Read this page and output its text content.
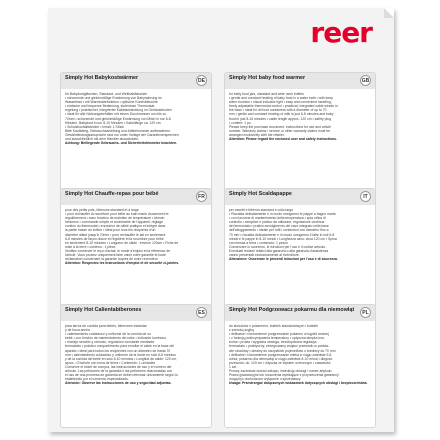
reer
Simply Hot Babykostwärmer	DE
für Babykostgläschen, Standard- und Weithalsflaschen
• schonende und gleichmäßige Erwärmung von Babynahrung im
Wasserbad • mit Warmhaltefunktion • optische Kontrollleuchte
• einfache und bequeme Bedienung, stufenlose Thermostat-
regelung • praktischer, integrierter Kabelaufwicklung im Gehäuseboden
• ideal für alle Nahrungsbehälter mit einem Durchmesser von bis zu
70mm • schonende und gleichmäßige Erwärmung von Milch in nur 6-8
Minuten, Babykost in nur 8-10 Minuten • Kabellänge ca. 120 cm
• Schutzkontaktstecker • Inhalt: 1 Stück
Bitte Kaufbeleg, Gebrauchsanleitung und Artikelnummer aufbewahren.
Gewährleistungsansprüche sind nur unter Vorlage der Garantieversprechen
und ausschließlich mit dem Händler abzuwickeln.
Achtung: Beiliegende Gebrauchs- und Sicherheitshinweise beachten.
Simply Hot baby food warmer	GB
for baby food jars, standard and wide neck bottles
• gentle and constant heating of baby food in a water bath • with keep
warm function • visual indicator light • easy and convenient handling,
freely adjustable thermostat control • practical, integrated cable winder in
the base • ideal for all food containers with a diameter of up to 70
mm • gentle and constant heating of milk in just 6-8 minutes and baby
food in just 8-10 minutes • cable length approx. 120 cm • safety plug
• content: 1 pc.
Please keep the purchase document, instructions for use and article
number. Warranty claims / service or other warranty claims must be
arranged exclusively with the retailer.
Attention: Please regard the enclosed user and safety instructions.
Simply Hot Chauffe-repas pour bébé	FR
pour des petits pots, biberons standard et à large
• pour réchauffer la nourriture pour bébé au bain-marie doucement et
régulièrement • avec fonction de maintien de température • témoin
lumineux • commande simple et confortable de l'appareil, réglage
continu du thermostat • enrouleur de câble pratique et intégré dans
la partie basse du boîtier • idéal pour tous les récipients d'un
diamètre allant jusqu'à 70mm • pour réchauffer le lait en seulement
6-8 minutes de façon douce et régulière et la nourriture pour bébé
en seulement 8-10 minutes • Longueur de câble : environ 120cm • Fiche de
mise à la terre • contenu : 1 pièce.
Veuillez conserver le reçu d'achat, le mode d'emploi et la référence de
l'article. Vous pouvez uniquement faire valoir votre garantie et toute
réclamation concernant la garantie auprès de votre revendeur.
Attention: Respectez les instructions d'emploi et de sécurité ci-jointes.
Simply Hot Scaldapappe	IT
per vasetti e biberon standard e collo largo
• Riscalda delicatamente e in modo omogeneo le pappe a bagno maria
• con funzione di mantenimento della temperatura • spia ottica di
controllo • semplice e pratico da utilizzare, regolazione continua
del termostato • pratico avvolgimento del cavo integrato nella base
dell'alloggiamento • ideale per tutti i contenitori con diametro fino a
70 mm • riscalda delicatamente e in modo omogeneo il latte in soli 6-8
minuti e le pappe in 8-10 minuti • Lunghezza cavo: circa 120 cm • Spina
con messa a terra • contenuto: 1 pezzo
Conservare lo scontrino, le istruzioni per l'uso e il codice articolo.
Eventuali reclami relativi alla garanzia o alla garanzia d'assistenza
vanno presentati esclusivamente al rivenditore.
Attenzione: Osservare le presenti istruzioni per l'uso e di sicurezza.
Simply Hot Calientabiberones	ES
para tarros de comida para bebés, biberones estándar
y de boca ancha
• calentamiento cuidadoso y uniforme de la comida de su
bebé • con función de mantenimiento del calor • indicador luminoso
• manejo sencillo y cómodo, regulación constante mediante
termostato • práctico compartimento para enrollar el cable en la base del
aparato • ideal para todos los recipientes con un diámetro de hasta 70
mm • calentamiento cuidadoso y uniforme de la leche en sólo 6-8 minutos
y de la comida del bebé en sólo 8-10 minutos • Longitud de cable: 120 cm,
aprox. • Enchufe con toma de tierra • Contenido: 1 unidades
Conserve el tícket de compra, las instrucciones de uso y el número del
artículo. Las peticiones de la garantía o las peticiones relacionadas con
el uso de una promesa de garantía se deben efectuar únicamente según lo
establecido por el comercio especializado.
Atención: Observe las instrucciones de uso y seguridad adjuntas.
Simply Hot Podgrzewacz pokarmu dla niemowląt	PL
do słoiczków z pokarmem, butelek standardowych i butelek
z szeroką szyjką
• delikatne i równomierne podgrzewanie pokarmu w kąpieli wodnej
• z funkcją podtrzymywania temperatury • optyczna lampka kon-
trolna • prosta i wygodna obsługa, bezstopniowa regulacja
termostatu • praktyczny, zintegrowany zwijacz przewodu w podsta-
wie obudowy • idealny do wszystkich pojemników o średnicy do 70 mm
• delikatne i równomierne podgrzewanie mleka w ciągu zaledwie 6-8
minut, pokarmu dla niemowląt w ciągu zaledwie 8-10 minut • długość
przewodu: ok. 120 cm • wtyczka ze stykiem ochronnym • zawartość:
1 szt.
Proszę zachować dowód zakupu, instrukcję obsługi i numer artykułu.
Prawo gwarancyjne lub roszczenia wynikające z przyrzeczenia gwarancji
mogą być dochodzone wyłącznie u sprzedawcy.
Uwaga: Przestrzegać dołączonych wskazówek dotyczących obsługi i bezpieczeństwa.
